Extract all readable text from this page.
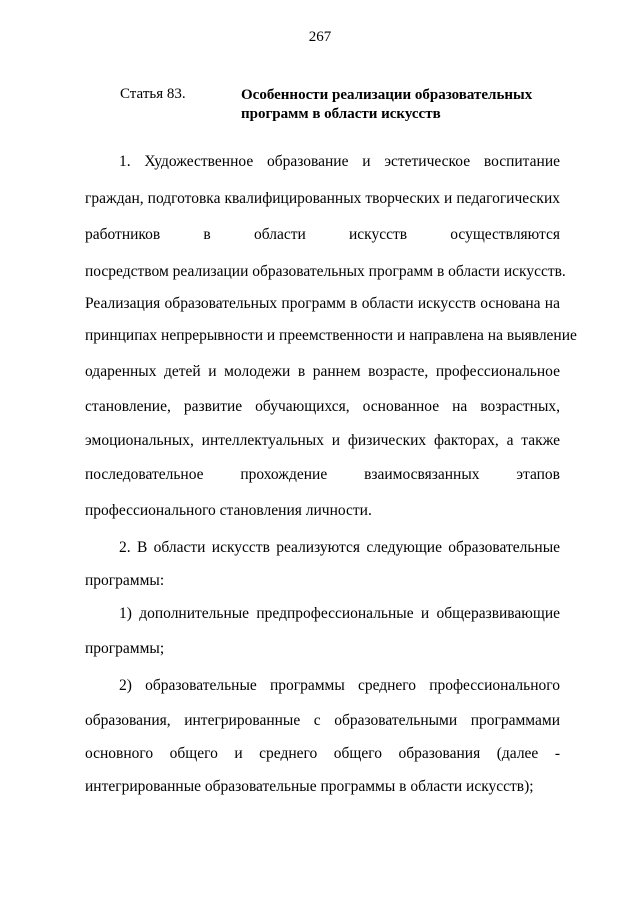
267
Статья 83.	Особенности реализации образовательных программ в области искусств
1. Художественное образование и эстетическое воспитание
граждан, подготовка квалифицированных творческих и педагогических
работников в области искусств осуществляются
посредством реализации образовательных программ в области искусств.
Реализация образовательных программ в области искусств основана на
принципах непрерывности и преемственности и направлена на выявление
одаренных детей и молодежи в раннем возрасте, профессиональное
становление, развитие обучающихся, основанное на возрастных,
эмоциональных, интеллектуальных и физических факторах, а также
последовательное прохождение взаимосвязанных этапов
профессионального становления личности.
2. В области искусств реализуются следующие образовательные
программы:
1) дополнительные предпрофессиональные и общеразвивающие
программы;
2) образовательные программы среднего профессионального
образования, интегрированные с образовательными программами
основного общего и среднего общего образования (далее -
интегрированные образовательные программы в области искусств);
